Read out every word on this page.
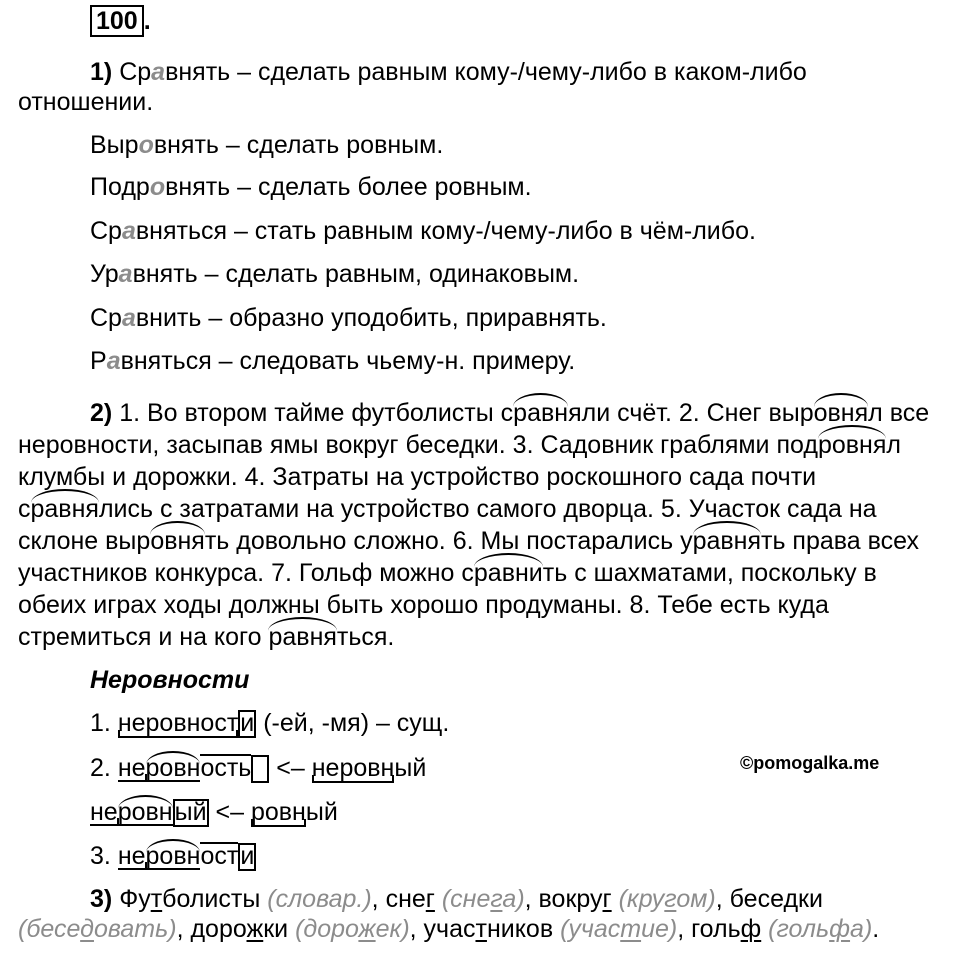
100 .
1) Сравнять – сделать равным кому-/чему-либо в каком-либо
отношении.
Выровнять – сделать ровным.
Подровнять – сделать более ровным.
Сравняться – стать равным кому-/чему-либо в чём-либо.
Уравнять – сделать равным, одинаковым.
Сравнить – образно уподобить, приравнять.
Равняться – следовать чьему-н. примеру.
2) 1. Во втором тайме футболисты сравняли счёт. 2. Снег выровнял все
неровности, засыпав ямы вокруг беседки. 3. Садовник граблями подровнял
клумбы и дорожки. 4. Затраты на устройство роскошного сада почти
сравнялись с затратами на устройство самого дворца. 5. Участок сада на
склоне выровнять довольно сложно. 6. Мы постарались уравнять права всех
участников конкурса. 7. Гольф можно сравнить с шахматами, поскольку в
обеих играх ходы должны быть хорошо продуманы. 8. Тебе есть куда
стремиться и на кого равняться.
Неровности
1. неровности (-ей, -мя) – сущ.
2. неровность <– неровный
неровный <– ровный
3. неровности
©pomogalka.me
3) Футболисты (словар.), снег (снега), вокруг (кругом), беседки
(беседовать), дорожки (дорожек), участников (участие), гольф (гольфа).
